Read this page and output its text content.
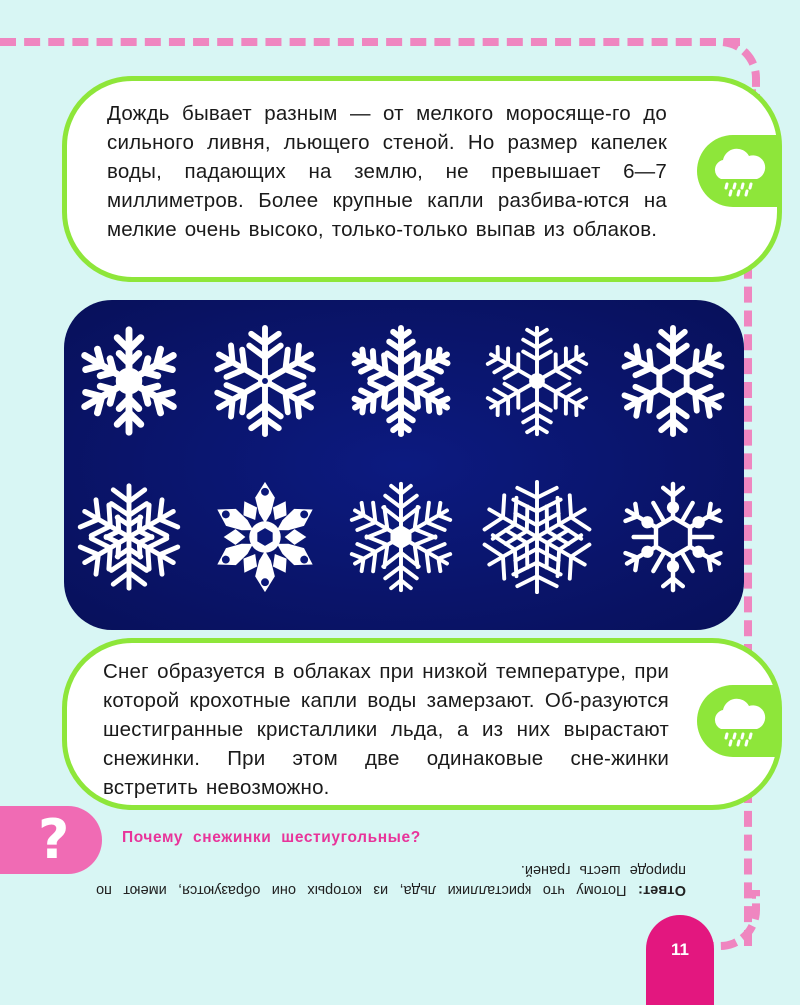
Дождь бывает разным — от мелкого моросяще-го до сильного ливня, льющего стеной. Но размер капелек воды, падающих на землю, не превышает 6—7 миллиметров. Более крупные капли разбива-ются на мелкие очень высоко, только-только выпав из облаков.
Снег образуется в облаках при низкой температуре, при которой крохотные капли воды замерзают. Об-разуются шестигранные кристаллики льда, а из них вырастают снежинки. При этом две одинаковые сне-жинки встретить невозможно.
?	Почему снежинки шестиугольные?
Ответ: Потому что кристаллики льда, из которых они образуются, имеют по природе шесть граней.
11
